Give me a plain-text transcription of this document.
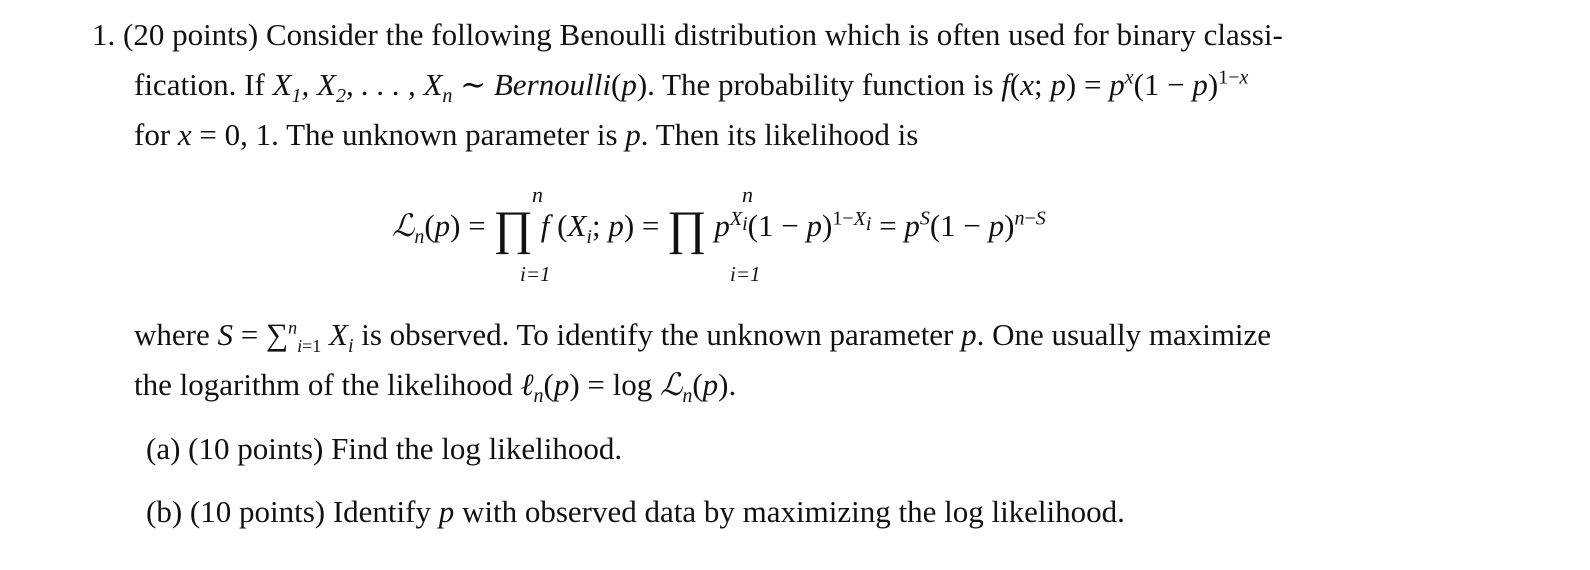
1. (20 points) Consider the following Benoulli distribution which is often used for binary classi-
fication. If $X_1$, $X_2$, . . . , $X_n$ ∼ Bernoulli(p). The probability function is f(x; $p) = p^x(1 - p)^{1-x}$
for x = 0, 1. The unknown parameter is p. Then its likelihood is
ℒ$_n$(p) = ∏ f ($X_i$; p) = ∏ $p^{X_i}(1 - p)^{1-X_i} = p^S(1 - p)^{n-S}$
n
i=1
n
i=1
where S = ∑$^n_{i=1}$ $X_i$ is observed. To identify the unknown parameter p. One usually maximize
the logarithm of the likelihood ℓ$_n$(p) = log ℒ$_n$(p).
(a) (10 points) Find the log likelihood.
(b) (10 points) Identify p with observed data by maximizing the log likelihood.
